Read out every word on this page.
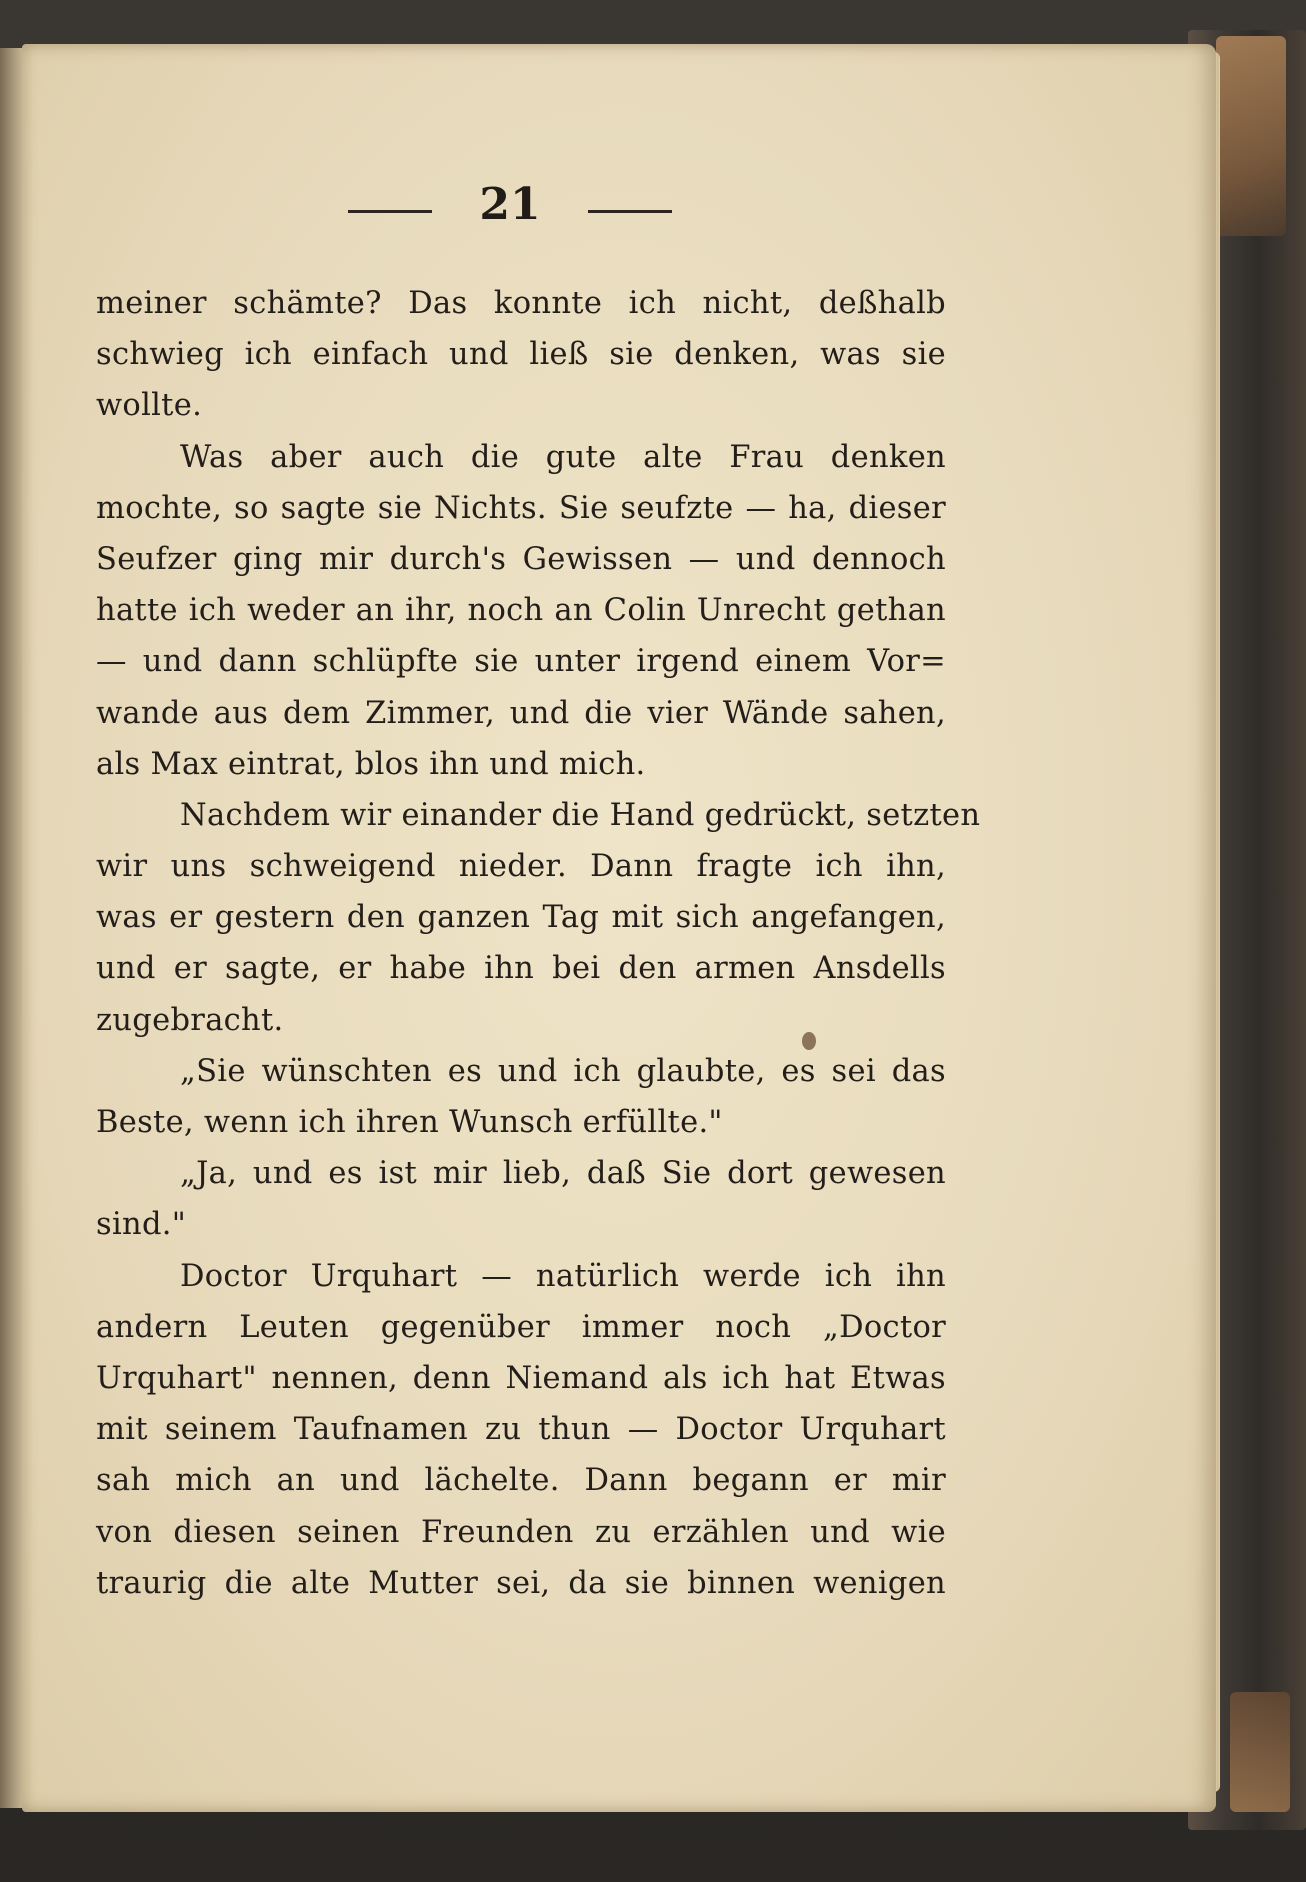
21
meiner schämte? Das konnte ich nicht, deßhalb
schwieg ich einfach und ließ sie denken, was sie
wollte.
Was aber auch die gute alte Frau denken
mochte, so sagte sie Nichts. Sie seufzte — ha, dieser
Seufzer ging mir durch's Gewissen — und dennoch
hatte ich weder an ihr, noch an Colin Unrecht gethan
— und dann schlüpfte sie unter irgend einem Vor=
wande aus dem Zimmer, und die vier Wände sahen,
als Max eintrat, blos ihn und mich.
Nachdem wir einander die Hand gedrückt, setzten
wir uns schweigend nieder. Dann fragte ich ihn,
was er gestern den ganzen Tag mit sich angefangen,
und er sagte, er habe ihn bei den armen Ansdells
zugebracht.
„Sie wünschten es und ich glaubte, es sei das
Beste, wenn ich ihren Wunsch erfüllte."
„Ja, und es ist mir lieb, daß Sie dort gewesen
sind."
Doctor Urquhart — natürlich werde ich ihn
andern Leuten gegenüber immer noch „Doctor
Urquhart" nennen, denn Niemand als ich hat Etwas
mit seinem Taufnamen zu thun — Doctor Urquhart
sah mich an und lächelte. Dann begann er mir
von diesen seinen Freunden zu erzählen und wie
traurig die alte Mutter sei, da sie binnen wenigen
